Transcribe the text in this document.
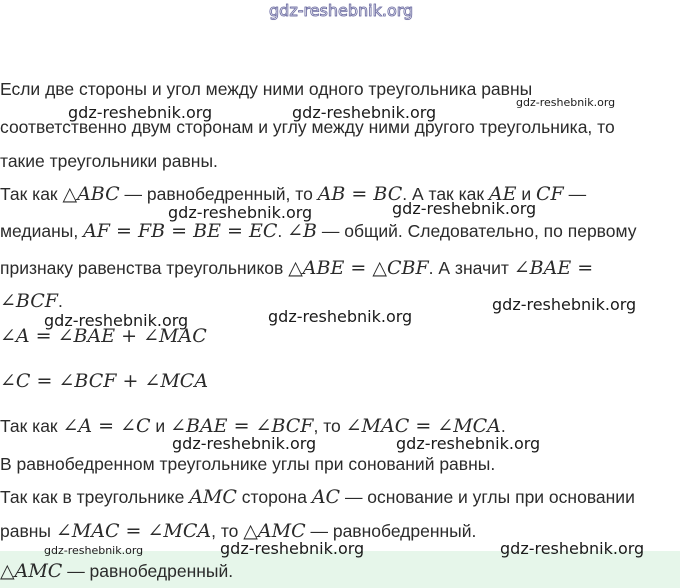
gdz-reshebnik.org
Если две стороны и угол между ними одного треугольника равны
соответственно двум сторонам и углу между ними другого треугольника, то
такие треугольники равны.
Так как △ABC — равнобедренный, то AB = BC. А так как AE и CF —
медианы, AF = FB = BE = EC. ∠B — общий. Следовательно, по первому
признаку равенства треугольников △ABE = △CBF. А значит ∠BAE =
∠BCF.
∠A = ∠BAE + ∠MAC
∠C = ∠BCF + ∠MCA
Так как ∠A = ∠C и ∠BAE = ∠BCF, то ∠MAC = ∠MCA.
В равнобедренном треугольнике углы при сонований равны.
Так как в треугольнике AMC сторона AC — основание и углы при основании
равны ∠MAC = ∠MCA, то △AMC — равнобедренный.
△AMC — равнобедренный.
gdz-reshebnik.org	gdz-reshebnik.org
gdz-reshebnik.org
gdz-reshebnik.org	gdz-reshebnik.org
gdz-reshebnik.org
gdz-reshebnik.org
gdz-reshebnik.org
gdz-reshebnik.org	gdz-reshebnik.org
gdz-reshebnik.org	gdz-reshebnik.org
gdz-reshebnik.org
